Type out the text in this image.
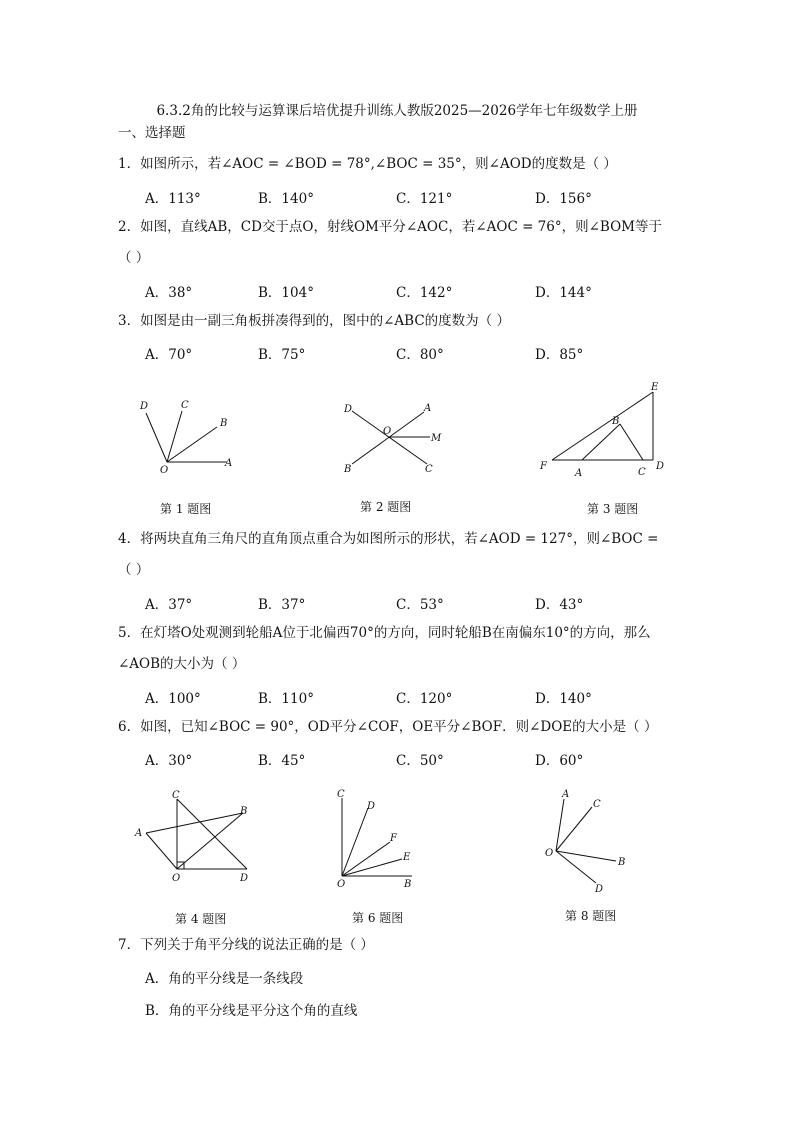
6.3.2角的比较与运算课后培优提升训练人教版2025—2026学年七年级数学上册
一、选择题
1．如图所示，若∠AOC = ∠BOD = 78°,∠BOC = 35°，则∠AOD的度数是（ ）
A．113°	B．140°	C．121°	D．156°
2．如图，直线AB，CD交于点O，射线OM平分∠AOC，若∠AOC = 76°，则∠BOM等于
（ ）
A．38°	B．104°	C．142°	D．144°
3．如图是由一副三角板拼凑得到的，图中的∠ABC的度数为（ ）
A．70°	B．75°	C．80°	D．85°
D	C
B
O
A
第 1 题图
D	A
O
M
B	C
第 2 题图
E
B
F
A	C
D
第 3 题图
4．将两块直角三角尺的直角顶点重合为如图所示的形状，若∠AOD = 127°，则∠BOC =
（ ）
A．37°	B．37°	C．53°	D．43°
5．在灯塔O处观测到轮船A位于北偏西70°的方向，同时轮船B在南偏东10°的方向，那么
∠AOB的大小为（ ）
A．100°	B．110°	C．120°	D．140°
6．如图，已知∠BOC = 90°，OD平分∠COF，OE平分∠BOF．则∠DOE的大小是（ ）
A．30°	B．45°	C．50°	D．60°
C
B
A
O	D
第 4 题图
C
D
F
E
O	B
第 6 题图
A
C
O
B
D
第 8 题图
7．下列关于角平分线的说法正确的是（ ）
A．角的平分线是一条线段
B．角的平分线是平分这个角的直线
